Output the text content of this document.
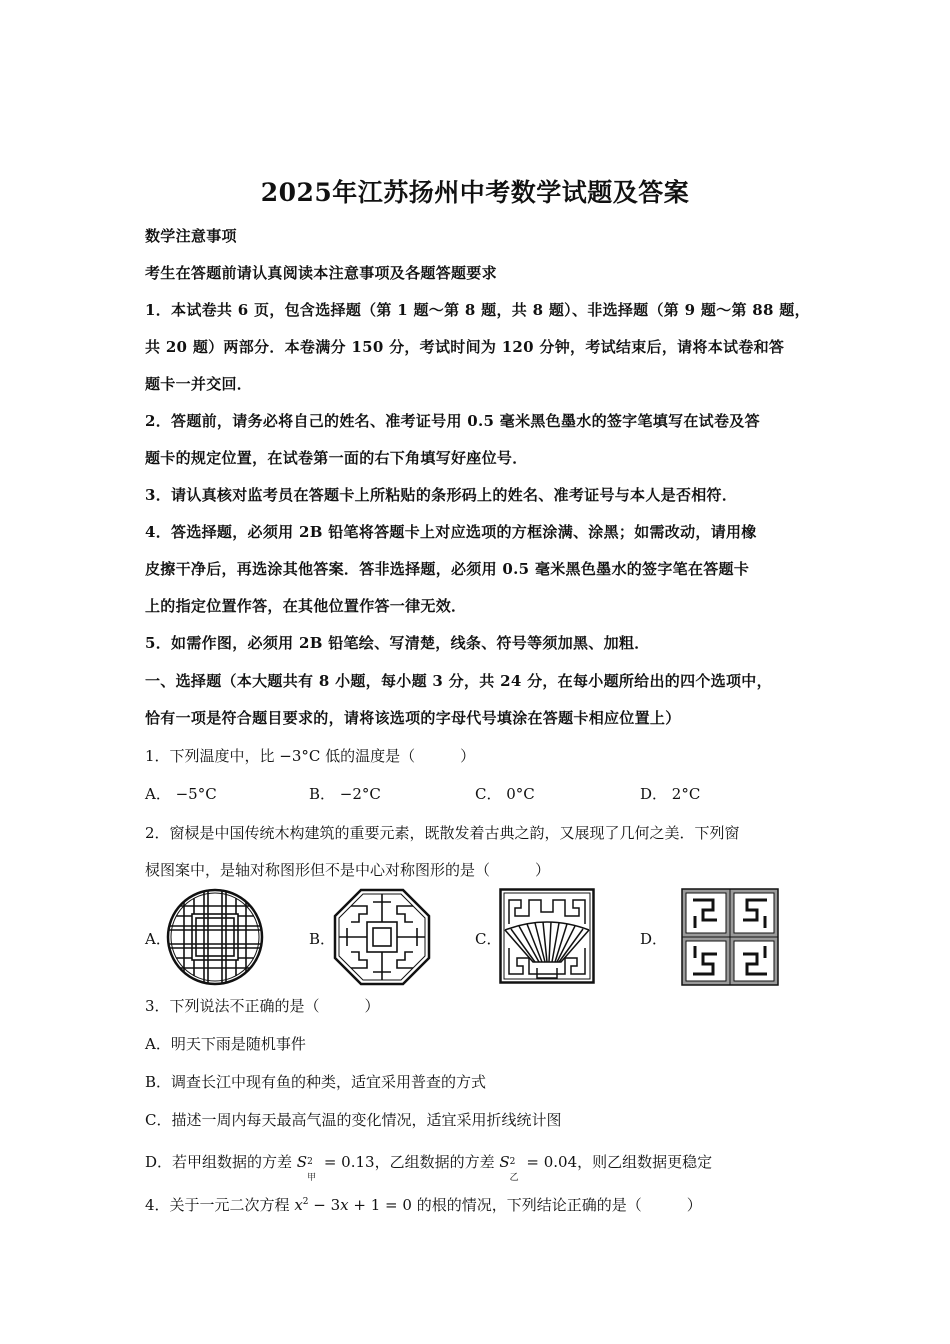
2025年江苏扬州中考数学试题及答案
数学注意事项
考生在答题前请认真阅读本注意事项及各题答题要求
1．本试卷共 6 页，包含选择题（第 1 题～第 8 题，共 8 题）、非选择题（第 9 题～第 88 题，
共 20 题）两部分．本卷满分 150 分，考试时间为 120 分钟，考试结束后，请将本试卷和答
题卡一并交回．
2．答题前，请务必将自己的姓名、准考证号用 0.5 毫米黑色墨水的签字笔填写在试卷及答
题卡的规定位置，在试卷第一面的右下角填写好座位号．
3．请认真核对监考员在答题卡上所粘贴的条形码上的姓名、准考证号与本人是否相符．
4．答选择题，必须用 2B 铅笔将答题卡上对应选项的方框涂满、涂黑；如需改动，请用橡
皮擦干净后，再选涂其他答案．答非选择题，必须用 0.5 毫米黑色墨水的签字笔在答题卡
上的指定位置作答，在其他位置作答一律无效．
5．如需作图，必须用 2B 铅笔绘、写清楚，线条、符号等须加黑、加粗．
一、选择题（本大题共有 8 小题，每小题 3 分，共 24 分，在每小题所给出的四个选项中，
恰有一项是符合题目要求的，请将该选项的字母代号填涂在答题卡相应位置上）
1．下列温度中，比 −3°C 低的温度是（　　　）
A． −5°C	B． −2°C	C． 0°C	D． 2°C
2．窗棂是中国传统木构建筑的重要元素，既散发着古典之韵，又展现了几何之美．下列窗
棂图案中，是轴对称图形但不是中心对称图形的是（　　　）
A．	B．	C．	D．
3．下列说法不正确的是（　　　）
A．明天下雨是随机事件
B．调查长江中现有鱼的种类，适宜采用普查的方式
C．描述一周内每天最高气温的变化情况，适宜采用折线统计图
D．若甲组数据的方差 S 2
甲
= 0.13，乙组数据的方差 S 2
乙
= 0.04，则乙组数据更稳定
4．关于一元二次方程 $x^2 - 3x + 1 = 0$ 的根的情况，下列结论正确的是（　　　）
